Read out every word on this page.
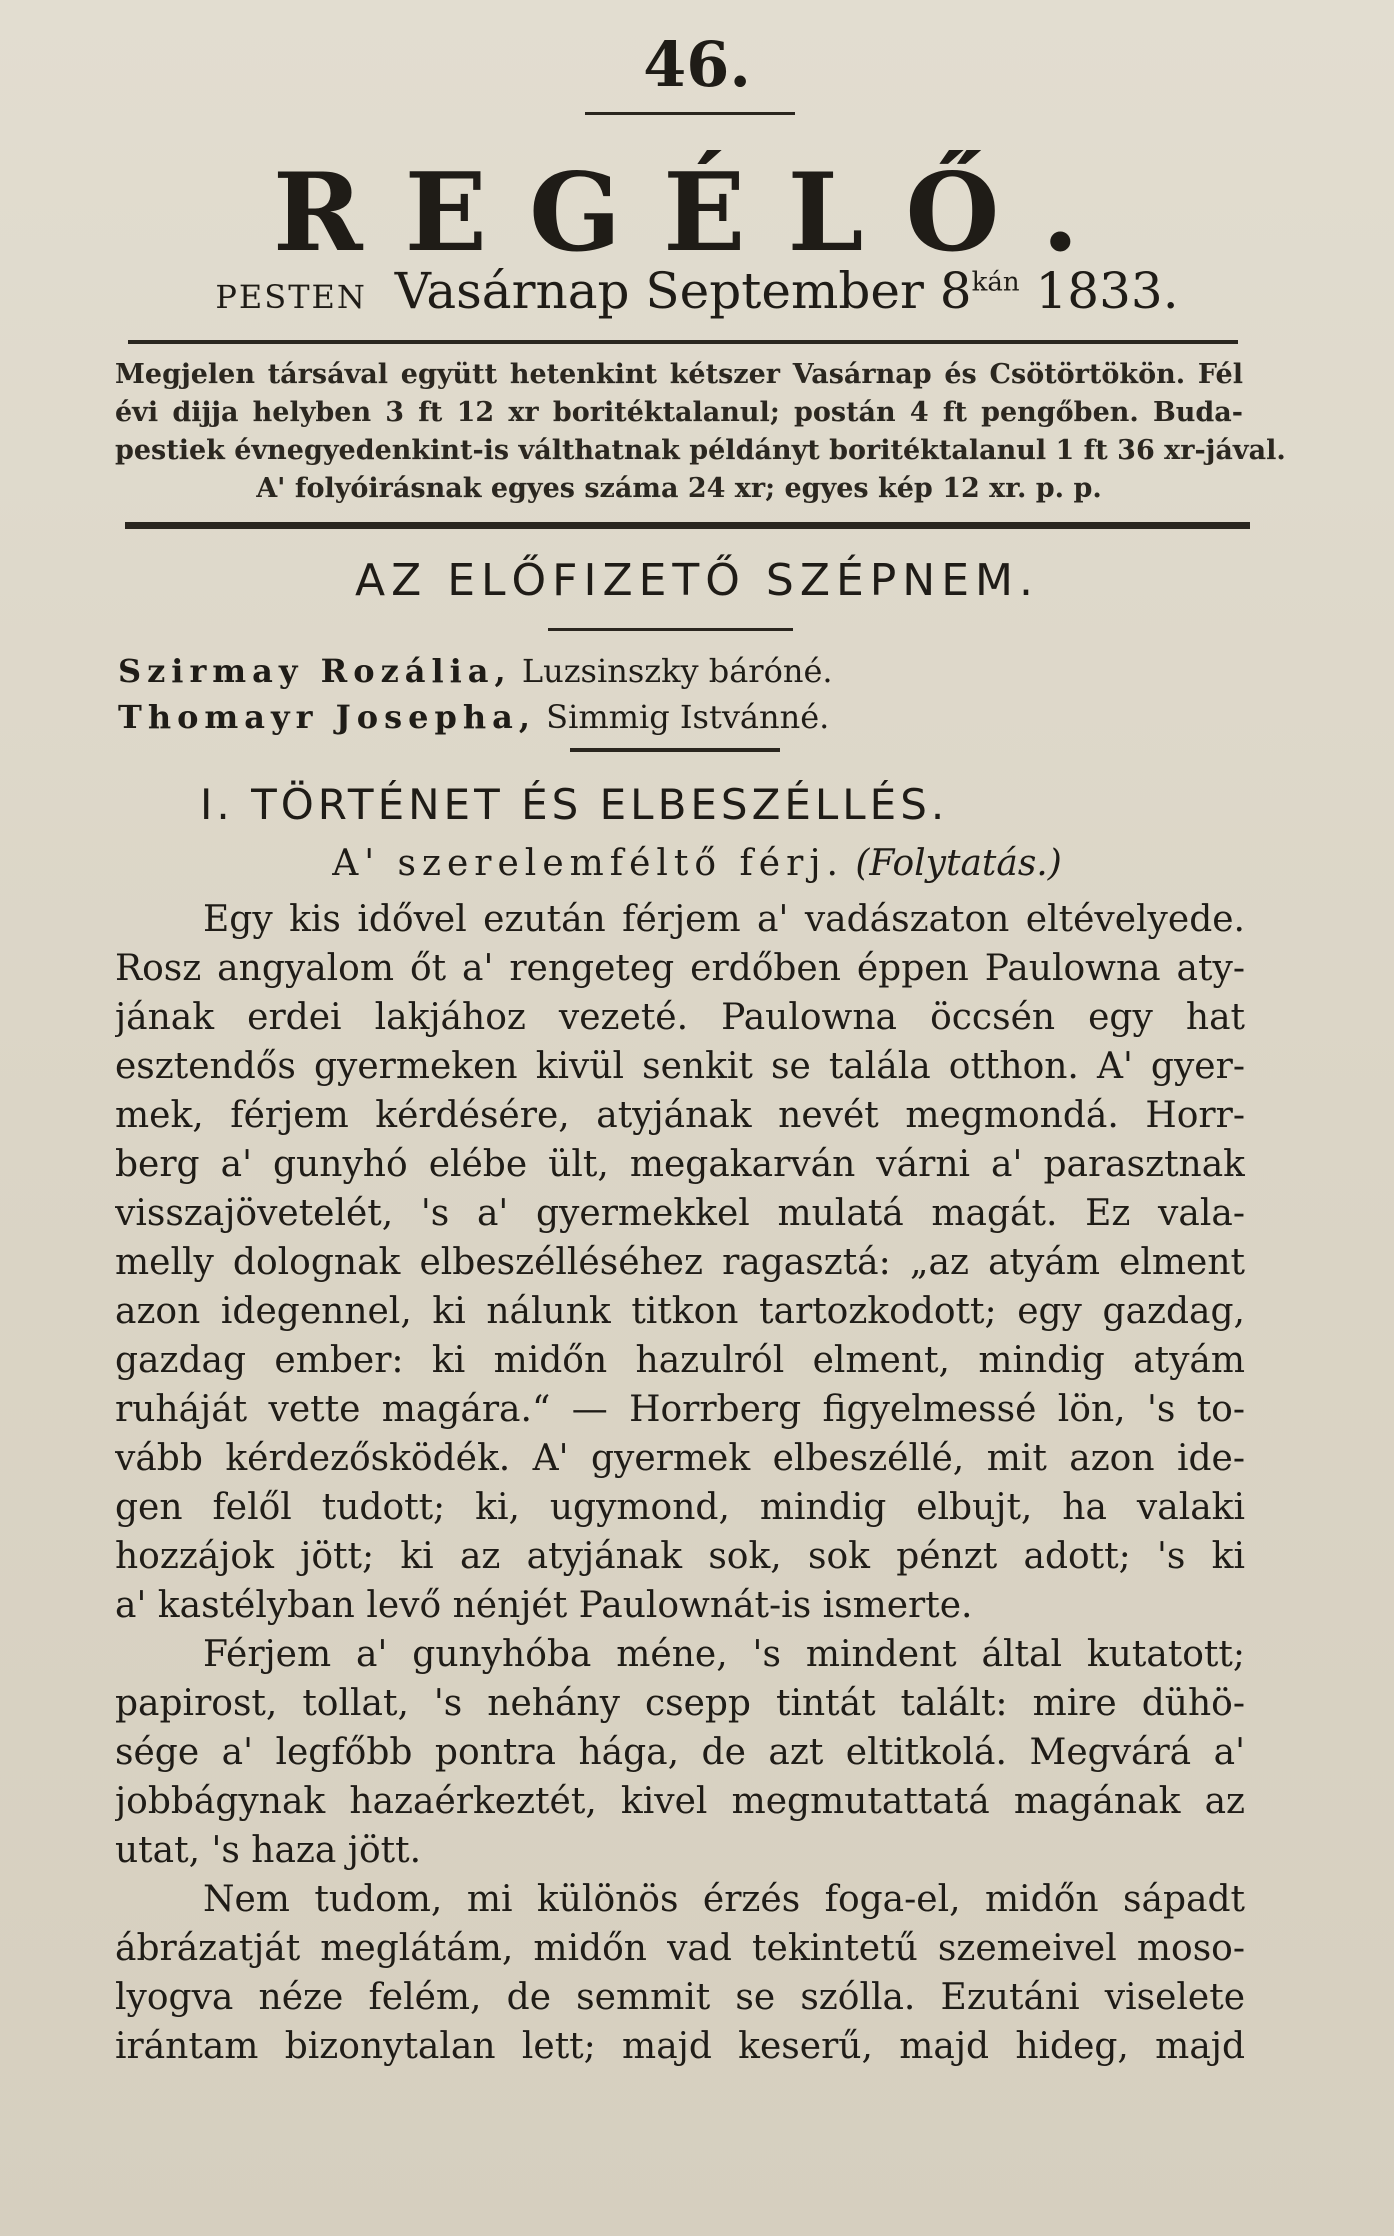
46.
REGÉLŐ.
PESTEN Vasárnap September $8^{kán}$ 1833.
Megjelen társával együtt hetenkint kétszer Vasárnap és Csötörtökön. Fél
évi dijja helyben 3 ft 12 xr boritéktalanul; postán 4 ft pengőben. Buda-
pestiek évnegyedenkint-is válthatnak példányt boritéktalanul 1 ft 36 xr-jával.
A' folyóirásnak egyes száma 24 xr; egyes kép 12 xr. p. p.
AZ ELŐFIZETŐ SZÉPNEM.
Szirmay Rozália, Luzsinszky báróné.
Thomayr Josepha, Simmig Istvánné.
I. TÖRTÉNET ÉS ELBESZÉLLÉS.
A' szerelemféltő férj. (Folytatás.)
Egy kis idővel ezután férjem a' vadászaton eltévelyede.
Rosz angyalom őt a' rengeteg erdőben éppen Paulowna aty-
jának erdei lakjához vezeté. Paulowna öccsén egy hat
esztendős gyermeken kivül senkit se talála otthon. A' gyer-
mek, férjem kérdésére, atyjának nevét megmondá. Horr-
berg a' gunyhó elébe ült, megakarván várni a' parasztnak
visszajövetelét, 's a' gyermekkel mulatá magát. Ez vala-
melly dolognak elbeszélléséhez ragasztá: „az atyám elment
azon idegennel, ki nálunk titkon tartozkodott; egy gazdag,
gazdag ember: ki midőn hazulról elment, mindig atyám
ruháját vette magára.“ — Horrberg figyelmessé lön, 's to-
vább kérdezősködék. A' gyermek elbeszéllé, mit azon ide-
gen felől tudott; ki, ugymond, mindig elbujt, ha valaki
hozzájok jött; ki az atyjának sok, sok pénzt adott; 's ki
a' kastélyban levő nénjét Paulownát-is ismerte.
Férjem a' gunyhóba méne, 's mindent által kutatott;
papirost, tollat, 's nehány csepp tintát talált: mire dühö-
sége a' legfőbb pontra hága, de azt eltitkolá. Megvárá a'
jobbágynak hazaérkeztét, kivel megmutattatá magának az
utat, 's haza jött.
Nem tudom, mi különös érzés foga-el, midőn sápadt
ábrázatját meglátám, midőn vad tekintetű szemeivel moso-
lyogva néze felém, de semmit se szólla. Ezutáni viselete
irántam bizonytalan lett; majd keserű, majd hideg, majd
